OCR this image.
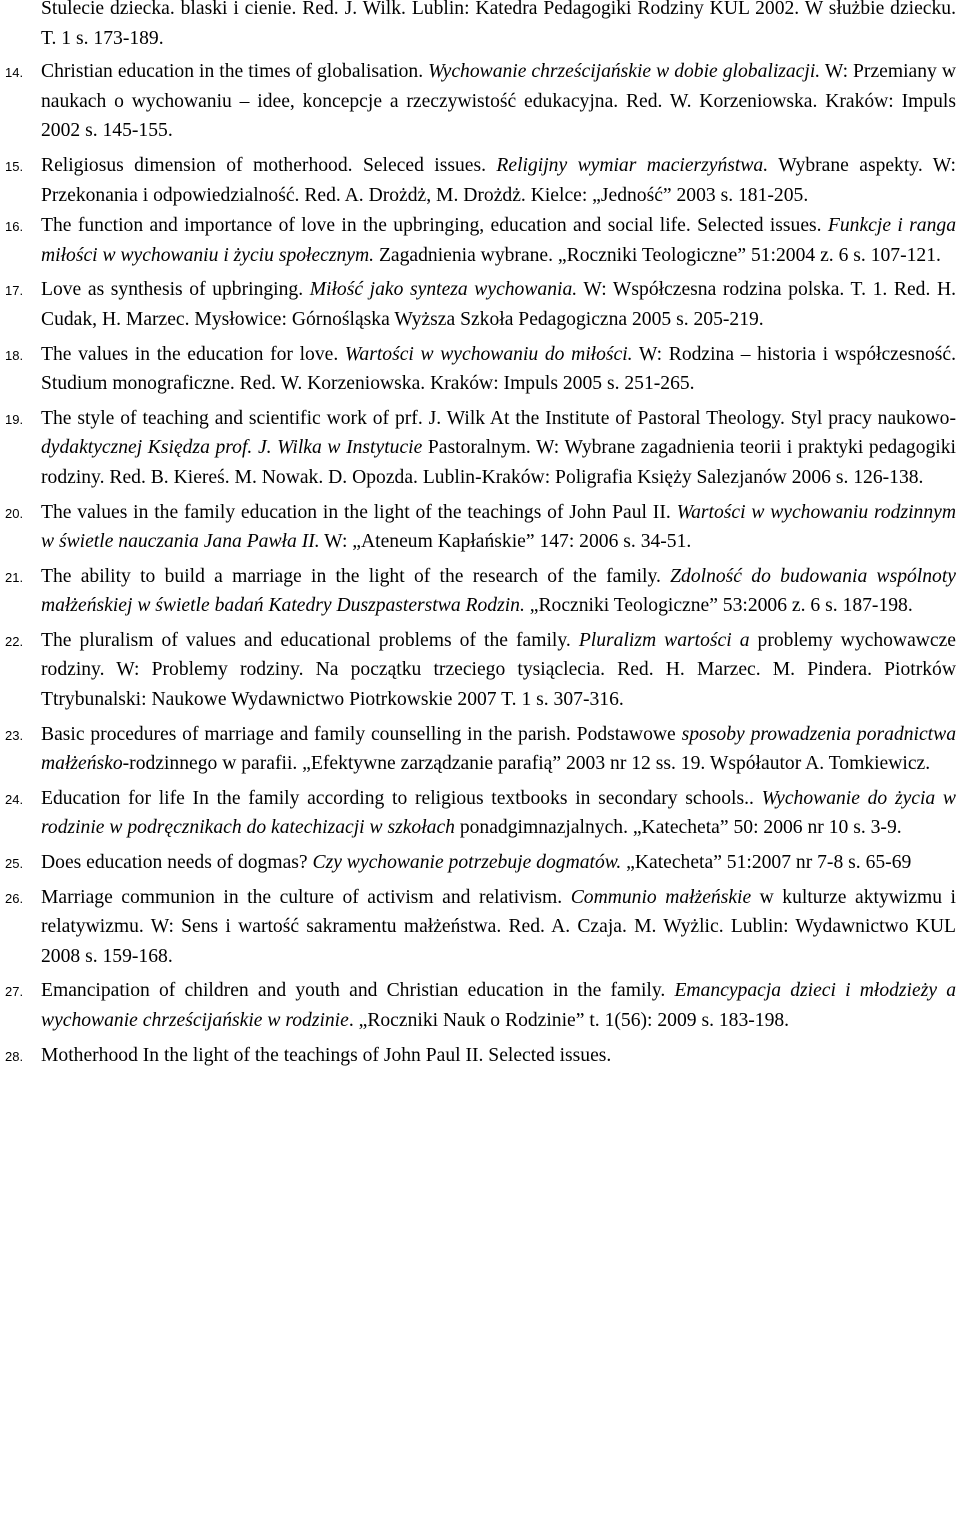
Stulecie dziecka. blaski i cienie. Red. J. Wilk. Lublin: Katedra Pedagogiki Rodziny KUL 2002. W służbie dziecku. T. 1 s. 173-189.
14. Christian education in the times of globalisation. Wychowanie chrześcijańskie w dobie globalizacji. W: Przemiany w naukach o wychowaniu – idee, koncepcje a rzeczywistość edukacyjna. Red. W. Korzeniowska. Kraków: Impuls 2002 s. 145-155.
15. Religiosus dimension of motherhood. Seleced issues. Religijny wymiar macierzyństwa. Wybrane aspekty. W: Przekonania i odpowiedzialność. Red. A. Drożdż, M. Drożdż. Kielce: „Jedność” 2003 s. 181-205.
16. The function and importance of love in the upbringing, education and social life. Selected issues. Funkcje i ranga miłości w wychowaniu i życiu społecznym. Zagadnienia wybrane. „Roczniki Teologiczne” 51:2004 z. 6 s. 107-121.
17. Love as synthesis of upbringing. Miłość jako synteza wychowania. W: Współczesna rodzina polska. T. 1. Red. H. Cudak, H. Marzec. Mysłowice: Górnośląska Wyższa Szkoła Pedagogiczna 2005 s. 205-219.
18. The values in the education for love. Wartości w wychowaniu do miłości. W: Rodzina – historia i współczesność. Studium monograficzne. Red. W. Korzeniowska. Kraków: Impuls 2005 s. 251-265.
19. The style of teaching and scientific work of prf. J. Wilk At the Institute of Pastoral Theology. Styl pracy naukowo-dydaktycznej Księdza prof. J. Wilka w Instytucie Pastoralnym. W: Wybrane zagadnienia teorii i praktyki pedagogiki rodziny. Red. B. Kiereś. M. Nowak. D. Opozda. Lublin-Kraków: Poligrafia Księży Salezjanów 2006 s. 126-138.
20. The values in the family education in the light of the teachings of John Paul II. Wartości w wychowaniu rodzinnym w świetle nauczania Jana Pawła II. W: „Ateneum Kapłańskie” 147: 2006 s. 34-51.
21. The ability to build a marriage in the light of the research of the family. Zdolność do budowania wspólnoty małżeńskiej w świetle badań Katedry Duszpasterstwa Rodzin. „Roczniki Teologiczne” 53:2006 z. 6 s. 187-198.
22. The pluralism of values and educational problems of the family. Pluralizm wartości a problemy wychowawcze rodziny. W: Problemy rodziny. Na początku trzeciego tysiąclecia. Red. H. Marzec. M. Pindera. Piotrków Ttrybunalski: Naukowe Wydawnictwo Piotrkowskie 2007 T. 1 s. 307-316.
23. Basic procedures of marriage and family counselling in the parish. Podstawowe sposoby prowadzenia poradnictwa małżeńsko-rodzinnego w parafii. „Efektywne zarządzanie parafią” 2003 nr 12 ss. 19. Współautor A. Tomkiewicz.
24. Education for life In the family according to religious textbooks in secondary schools.. Wychowanie do życia w rodzinie w podręcznikach do katechizacji w szkołach ponadgimnazjalnych. „Katecheta” 50: 2006 nr 10 s. 3-9.
25. Does education needs of dogmas? Czy wychowanie potrzebuje dogmatów. „Katecheta” 51:2007 nr 7-8 s. 65-69
26. Marriage communion in the culture of activism and relativism. Communio małżeńskie w kulturze aktywizmu i relatywizmu. W: Sens i wartość sakramentu małżeństwa. Red. A. Czaja. M. Wyżlic. Lublin: Wydawnictwo KUL 2008 s. 159-168.
27. Emancipation of children and youth and Christian education in the family. Emancypacja dzieci i młodzieży a wychowanie chrześcijańskie w rodzinie. „Roczniki Nauk o Rodzinie” t. 1(56): 2009 s. 183-198.
28. Motherhood In the light of the teachings of John Paul II. Selected issues.
